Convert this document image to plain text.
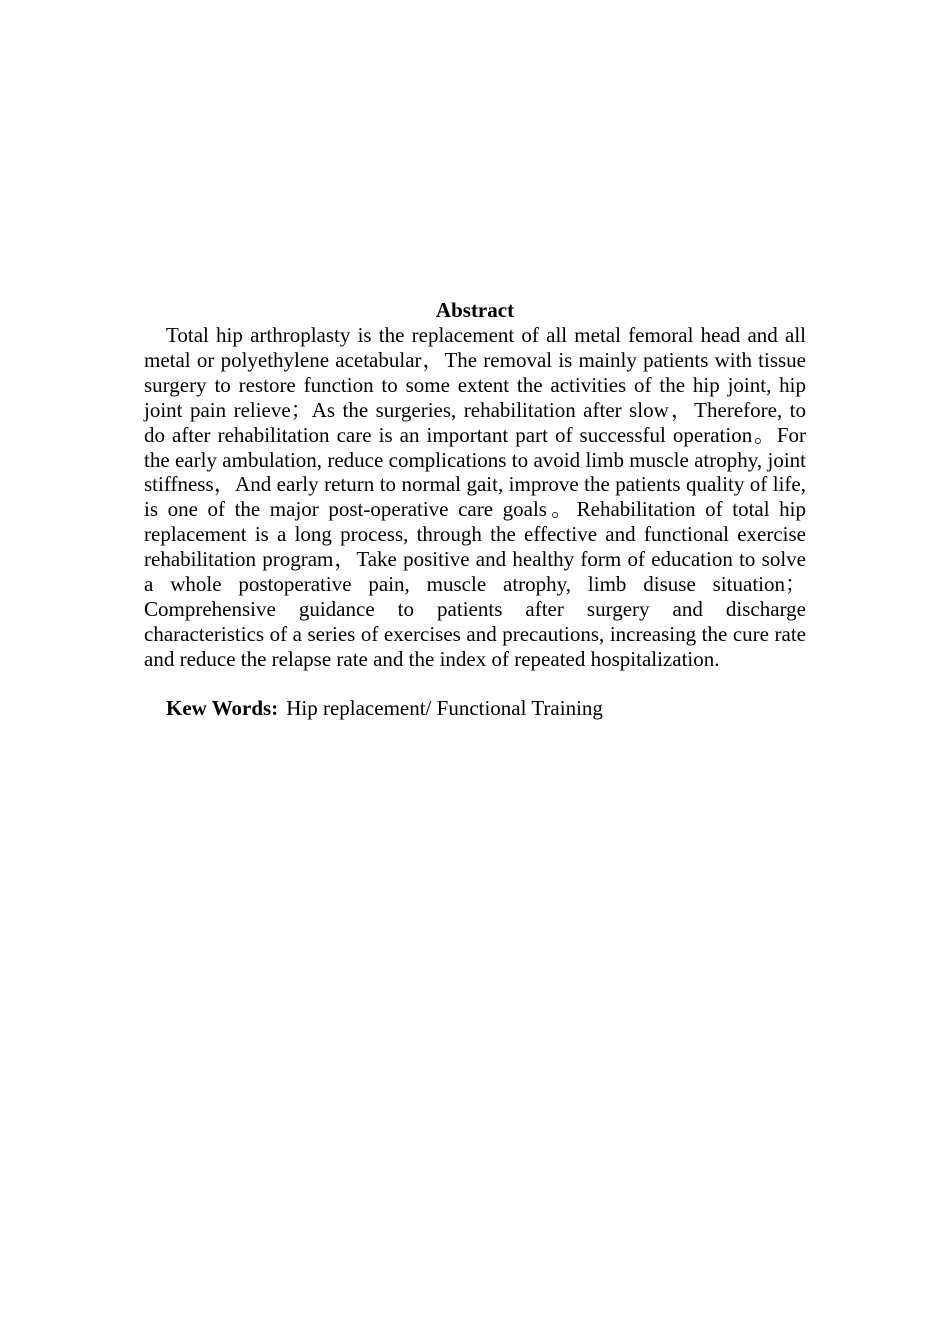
Abstract

Total hip arthroplasty is the replacement of all metal femoral head and all metal or polyethylene acetabular，The removal is mainly patients with tissue surgery to restore function to some extent the activities of the hip joint, hip joint pain relieve；As the surgeries, rehabilitation after slow，Therefore, to do after rehabilitation care is an important part of successful operation。For the early ambulation, reduce complications to avoid limb muscle atrophy, joint stiffness，And early return to normal gait, improve the patients quality of life, is one of the major post-operative care goals。Rehabilitation of total hip replacement is a long process, through the effective and functional exercise rehabilitation program，Take positive and healthy form of education to solve a whole postoperative pain, muscle atrophy, limb disuse situation；Comprehensive guidance to patients after surgery and discharge characteristics of a series of exercises and precautions, increasing the cure rate and reduce the relapse rate and the index of repeated hospitalization.

Kew Words: Hip replacement/ Functional Training
